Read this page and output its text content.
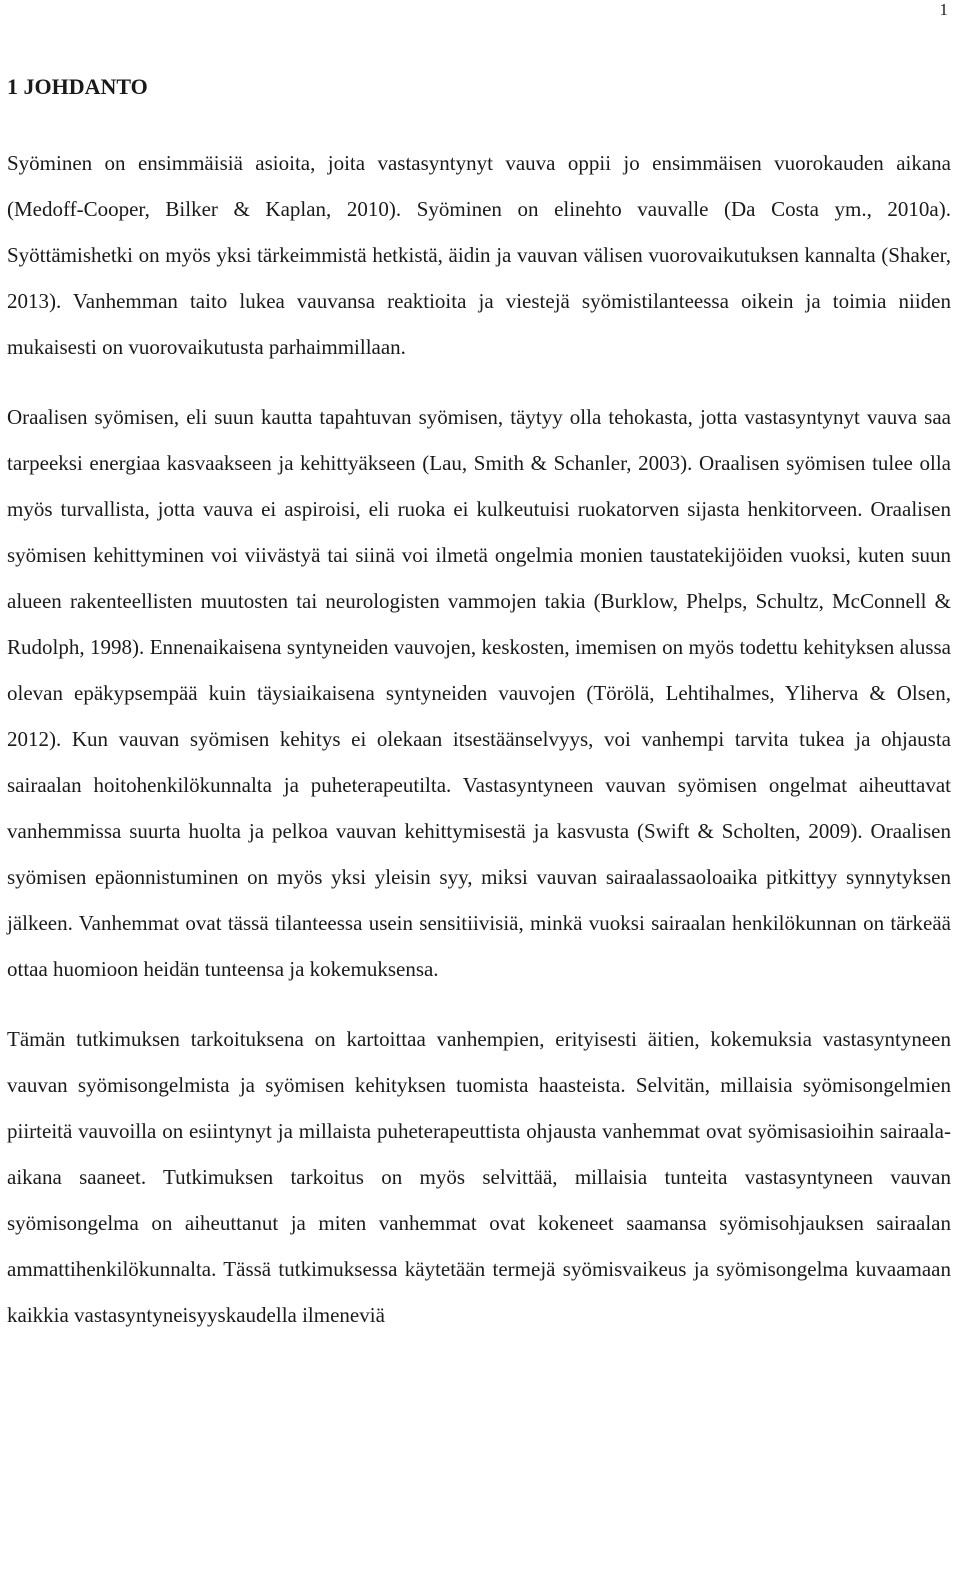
1
1 JOHDANTO

Syöminen on ensimmäisiä asioita, joita vastasyntynyt vauva oppii jo ensimmäisen vuorokauden aikana (Medoff-Cooper, Bilker & Kaplan, 2010). Syöminen on elinehto vauvalle (Da Costa ym., 2010a). Syöttämishetki on myös yksi tärkeimmistä hetkistä, äidin ja vauvan välisen vuorovaikutuksen kannalta (Shaker, 2013). Vanhemman taito lukea vauvansa reaktioita ja viestejä syömistilanteessa oikein ja toimia niiden mukaisesti on vuorovaikutusta parhaimmillaan.

Oraalisen syömisen, eli suun kautta tapahtuvan syömisen, täytyy olla tehokasta, jotta vastasyntynyt vauva saa tarpeeksi energiaa kasvaakseen ja kehittyäkseen (Lau, Smith & Schanler, 2003). Oraalisen syömisen tulee olla myös turvallista, jotta vauva ei aspiroisi, eli ruoka ei kulkeutuisi ruokatorven sijasta henkitorveen. Oraalisen syömisen kehittyminen voi viivästyä tai siinä voi ilmetä ongelmia monien taustatekijöiden vuoksi, kuten suun alueen rakenteellisten muutosten tai neurologisten vammojen takia (Burklow, Phelps, Schultz, McConnell & Rudolph, 1998). Ennenaikaisena syntyneiden vauvojen, keskosten, imemisen on myös todettu kehityksen alussa olevan epäkypsempää kuin täysiaikaisena syntyneiden vauvojen (Törölä, Lehtihalmes, Yliherva & Olsen, 2012). Kun vauvan syömisen kehitys ei olekaan itsestäänselvyys, voi vanhempi tarvita tukea ja ohjausta sairaalan hoitohenkilökunnalta ja puheterapeutilta. Vastasyntyneen vauvan syömisen ongelmat aiheuttavat vanhemmissa suurta huolta ja pelkoa vauvan kehittymisestä ja kasvusta (Swift & Scholten, 2009). Oraalisen syömisen epäonnistuminen on myös yksi yleisin syy, miksi vauvan sairaalassaoloaika pitkittyy synnytyksen jälkeen. Vanhemmat ovat tässä tilanteessa usein sensitiivisiä, minkä vuoksi sairaalan henkilökunnan on tärkeää ottaa huomioon heidän tunteensa ja kokemuksensa.

Tämän tutkimuksen tarkoituksena on kartoittaa vanhempien, erityisesti äitien, kokemuksia vastasyntyneen vauvan syömisongelmista ja syömisen kehityksen tuomista haasteista. Selvitän, millaisia syömisongelmien piirteitä vauvoilla on esiintynyt ja millaista puheterapeuttista ohjausta vanhemmat ovat syömisasioihin sairaala-aikana saaneet. Tutkimuksen tarkoitus on myös selvittää, millaisia tunteita vastasyntyneen vauvan syömisongelma on aiheuttanut ja miten vanhemmat ovat kokeneet saamansa syömisohjauksen sairaalan ammattihenkilökunnalta. Tässä tutkimuksessa käytetään termejä syömisvaikeus ja syömisongelma kuvaamaan kaikkia vastasyntyneisyyskaudella ilmeneviä
